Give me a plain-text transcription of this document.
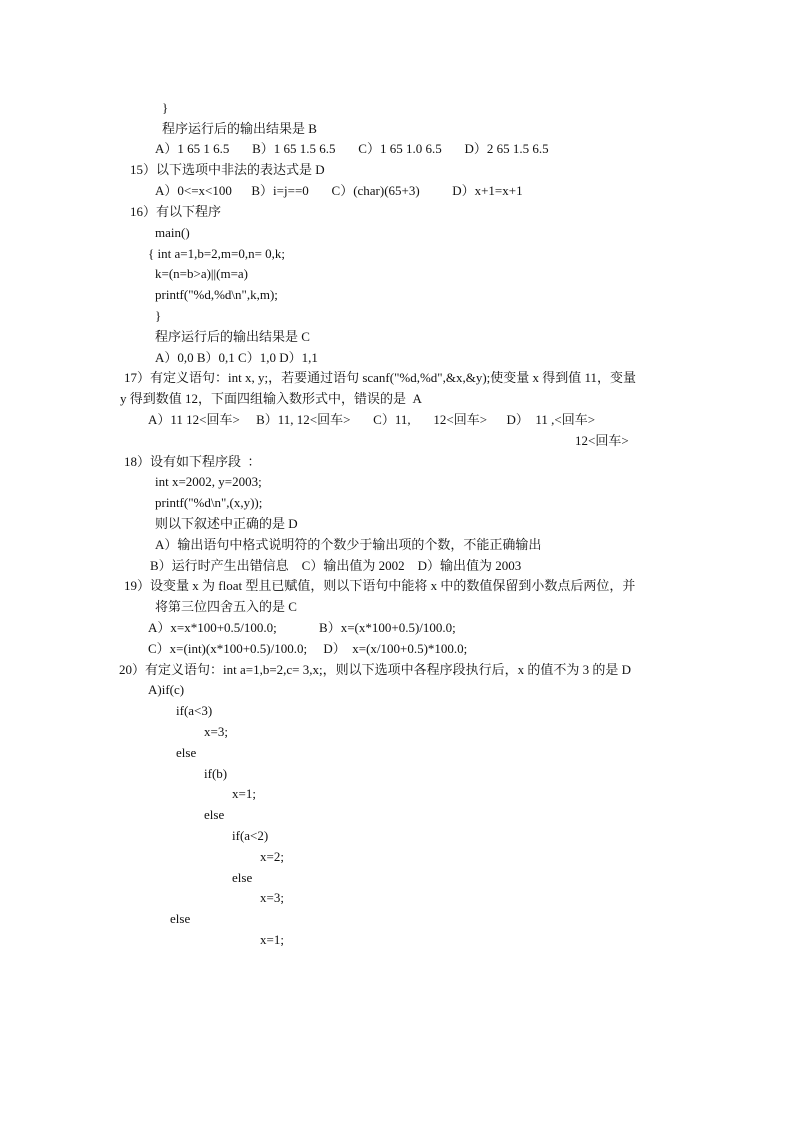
}
程序运行后的输出结果是 B
A）1 65 1 6.5       B）1 65 1.5 6.5       C）1 65 1.0 6.5       D）2 65 1.5 6.5
15）以下选项中非法的表达式是 D
A）0<=x<100      B）i=j==0       C）(char)(65+3)          D）x+1=x+1
16）有以下程序
main()
{ int a=1,b=2,m=0,n= 0,k;
k=(n=b>a)||(m=a)
printf("%d,%d\n",k,m);
}
程序运行后的输出结果是 C
A）0,0 B）0,1 C）1,0 D）1,1
17）有定义语句：int x, y;，若要通过语句 scanf("%d,%d",&x,&y);使变量 x 得到值 11，变量
y 得到数值 12，下面四组输入数形式中，错误的是  A
A）11 12<回车>     B）11, 12<回车>       C）11,       12<回车>      D）  11 ,<回车>
12<回车>
18）设有如下程序段  ：
int x=2002, y=2003;
printf("%d\n",(x,y));
则以下叙述中正确的是 D
A）输出语句中格式说明符的个数少于输出项的个数，不能正确输出
B）运行时产生出错信息    C）输出值为 2002    D）输出值为 2003
19）设变量 x 为 float 型且已赋值，则以下语句中能将 x 中的数值保留到小数点后两位，并
将第三位四舍五入的是 C
A）x=x*100+0.5/100.0;             B）x=(x*100+0.5)/100.0;
C）x=(int)(x*100+0.5)/100.0;     D）  x=(x/100+0.5)*100.0;
20）有定义语句：int a=1,b=2,c= 3,x;，则以下选项中各程序段执行后，x 的值不为 3 的是 D
A)if(c)
if(a<3)
x=3;
else
if(b)
x=1;
else
if(a<2)
x=2;
else
x=3;
else
x=1;
